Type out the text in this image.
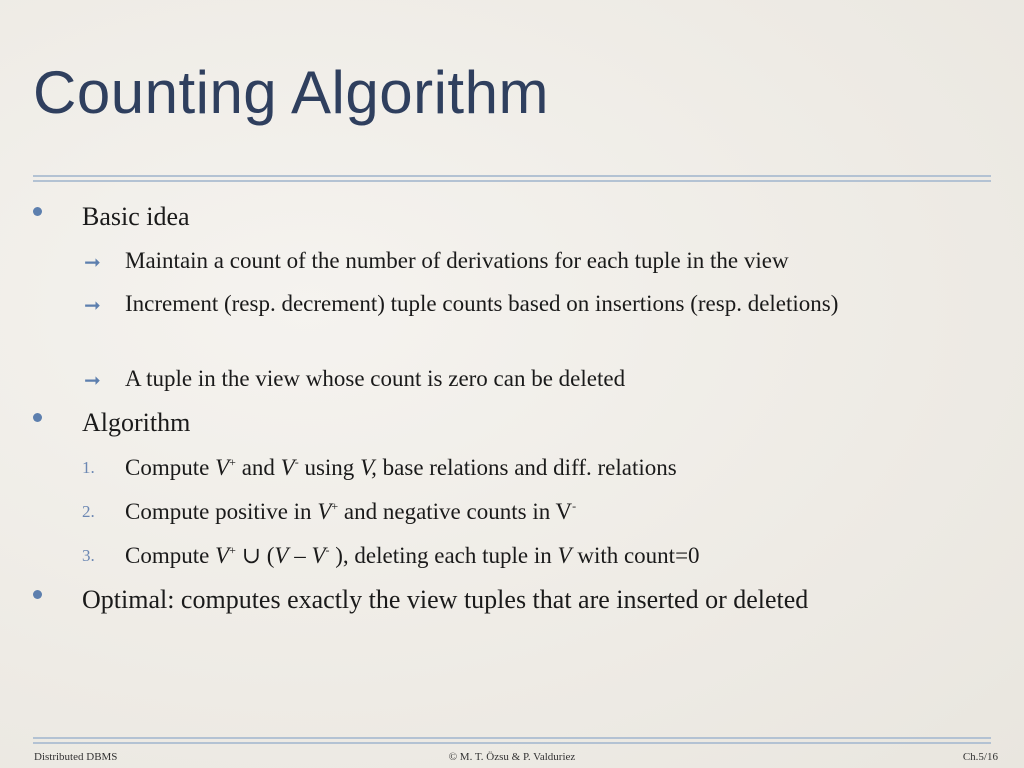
Counting Algorithm
Basic idea
➞ Maintain a count of the number of derivations for each tuple in the view
➞ Increment (resp. decrement) tuple counts based on insertions (resp. deletions)
➞ A tuple in the view whose count is zero can be deleted
Algorithm
1. Compute V+ and V- using V, base relations and diff. relations
2. Compute positive in V+ and negative counts in V-
3. Compute V+ ∪ (V – V- ), deleting each tuple in V with count=0
Optimal: computes exactly the view tuples that are inserted or deleted
Distributed DBMS	© M. T. Özsu & P. Valduriez	Ch.5/16
